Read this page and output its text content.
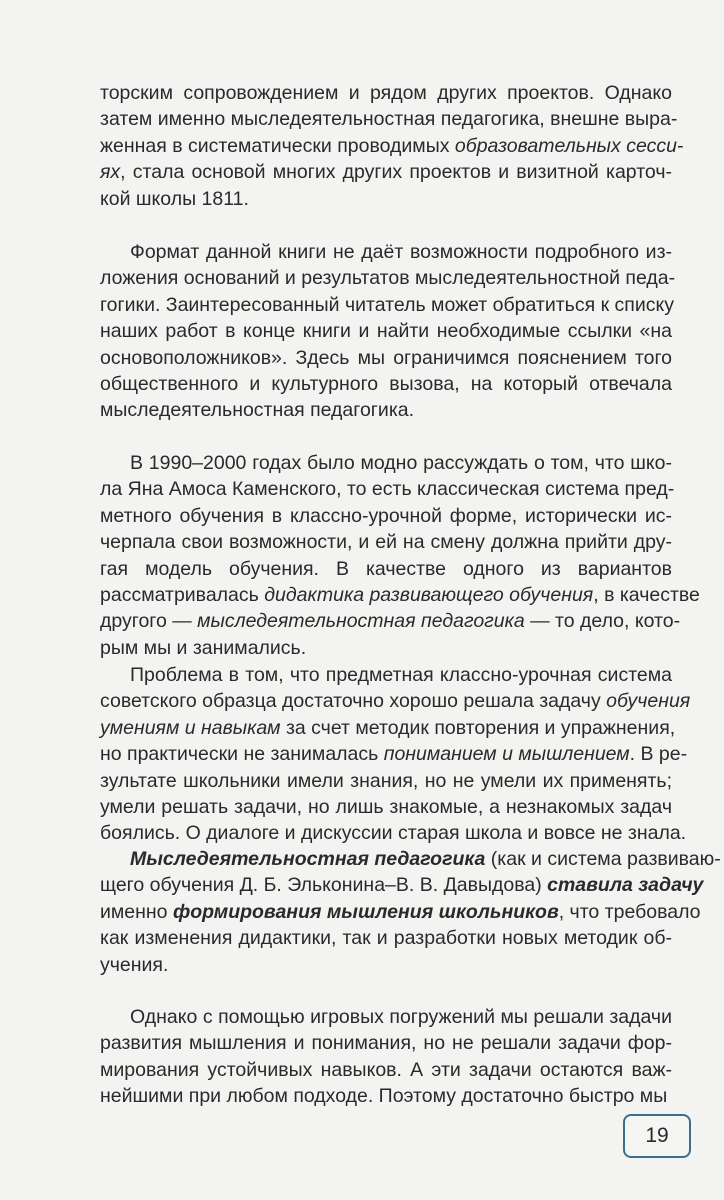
торским сопровождением и рядом других проектов. Однако
затем именно мыследеятельностная педагогика, внешне выра-
женная в систематически проводимых образовательных сесси-
ях, стала основой многих других проектов и визитной карточ-
кой школы 1811.
Формат данной книги не даёт возможности подробного из-
ложения оснований и результатов мыследеятельностной педа-
гогики. Заинтересованный читатель может обратиться к списку
наших работ в конце книги и найти необходимые ссылки «на
основоположников». Здесь мы ограничимся пояснением того
общественного и культурного вызова, на который отвечала
мыследеятельностная педагогика.
В 1990–2000 годах было модно рассуждать о том, что шко-
ла Яна Амоса Каменского, то есть классическая система пред-
метного обучения в классно-урочной форме, исторически ис-
черпала свои возможности, и ей на смену должна прийти дру-
гая модель обучения. В качестве одного из вариантов
рассматривалась дидактика развивающего обучения, в качестве
другого — мыследеятельностная педагогика — то дело, кото-
рым мы и занимались.
Проблема в том, что предметная классно-урочная система
советского образца достаточно хорошо решала задачу обучения
умениям и навыкам за счет методик повторения и упражнения,
но практически не занималась пониманием и мышлением. В ре-
зультате школьники имели знания, но не умели их применять;
умели решать задачи, но лишь знакомые, а незнакомых задач
боялись. О диалоге и дискуссии старая школа и вовсе не знала.
Мыследеятельностная педагогика (как и система развиваю-
щего обучения Д. Б. Эльконина–В. В. Давыдова) ставила задачу
именно формирования мышления школьников, что требовало
как изменения дидактики, так и разработки новых методик об-
учения.
Однако с помощью игровых погружений мы решали задачи
развития мышления и понимания, но не решали задачи фор-
мирования устойчивых навыков. А эти задачи остаются важ-
нейшими при любом подходе. Поэтому достаточно быстро мы
19
